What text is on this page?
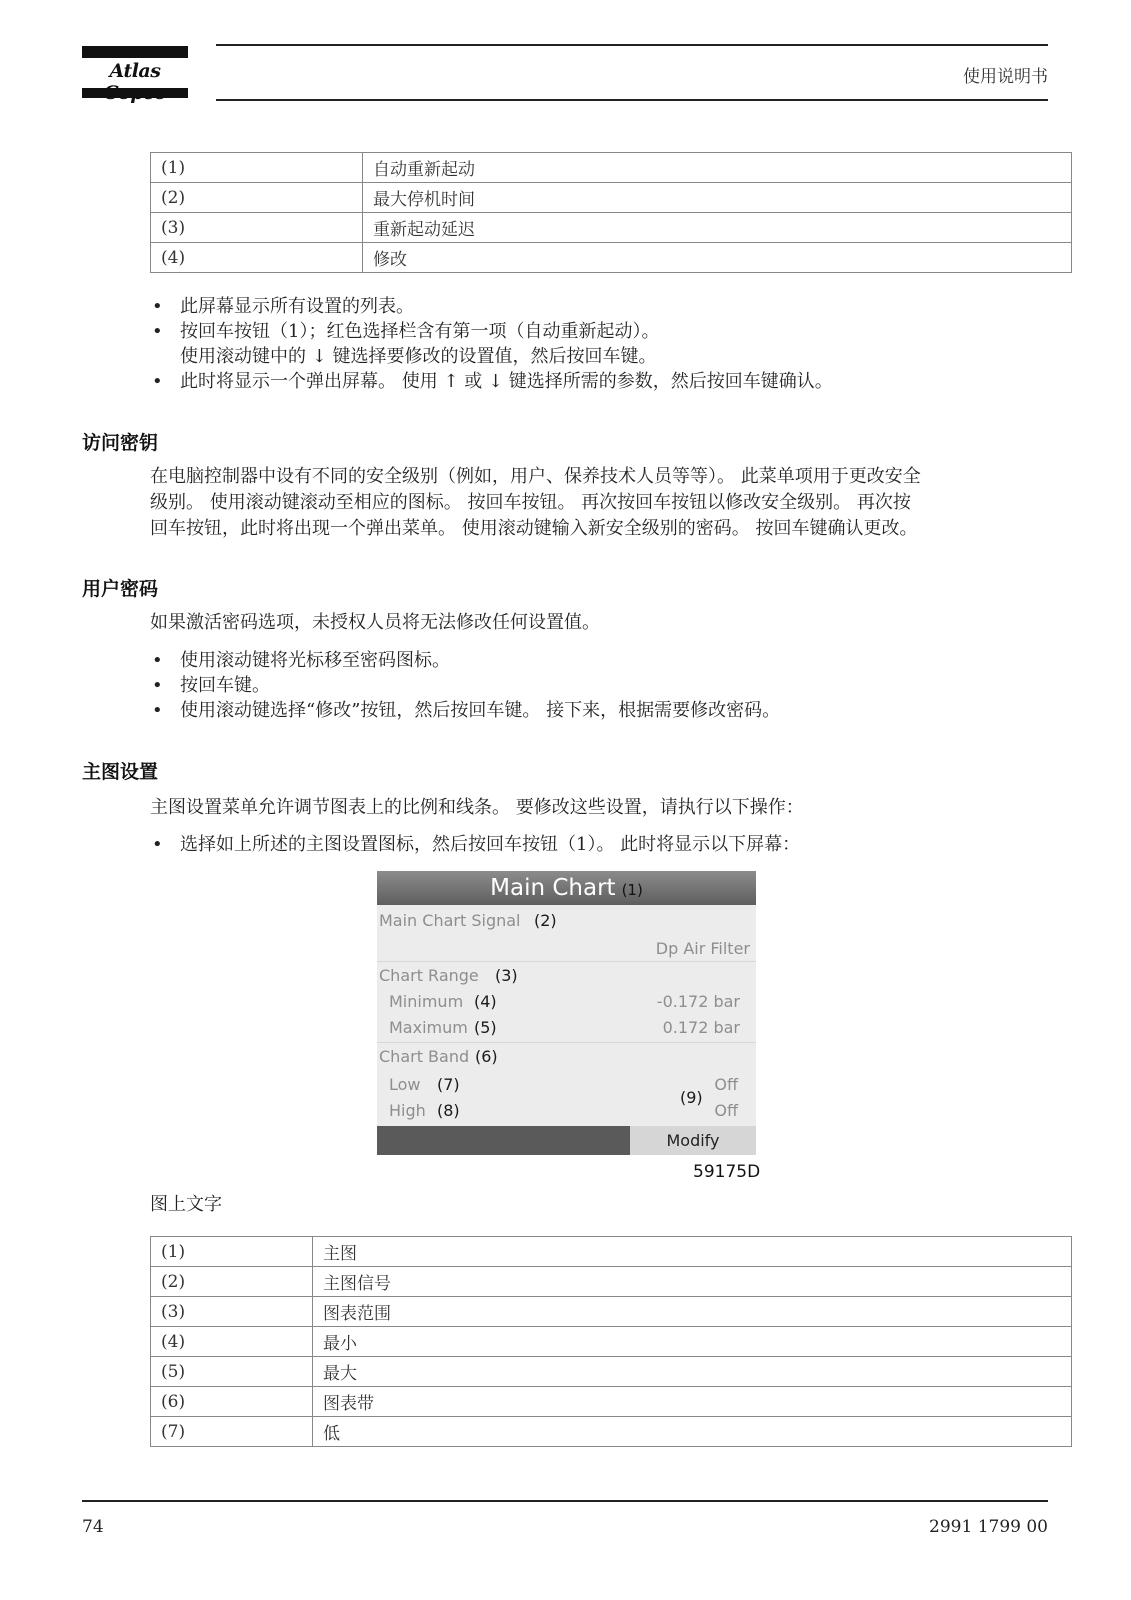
Atlas	使用说明书
(1)	自动重新起动
(2)	最大停机时间
(3)	重新起动延迟
(4)	修改
• 此屏幕显示所有设置的列表。
• 按回车按钮（1）；红色选择栏含有第一项（自动重新起动）。
使用滚动键中的 ↓ 键选择要修改的设置值，然后按回车键。
• 此时将显示一个弹出屏幕。 使用 ↑ 或 ↓ 键选择所需的参数，然后按回车键确认。
访问密钥
在电脑控制器中设有不同的安全级别（例如，用户、保养技术人员等等）。 此菜单项用于更改安全
级别。 使用滚动键滚动至相应的图标。 按回车按钮。 再次按回车按钮以修改安全级别。 再次按
回车按钮，此时将出现一个弹出菜单。 使用滚动键输入新安全级别的密码。 按回车键确认更改。
用户密码
如果激活密码选项，未授权人员将无法修改任何设置值。
• 使用滚动键将光标移至密码图标。
• 按回车键。
• 使用滚动键选择“修改”按钮，然后按回车键。 接下来，根据需要修改密码。
主图设置
主图设置菜单允许调节图表上的比例和线条。 要修改这些设置，请执行以下操作：
• 选择如上所述的主图设置图标，然后按回车按钮（1）。 此时将显示以下屏幕：
Main Chart (1)
Main Chart Signal (2)
Dp Air Filter
Chart Range (3)
Minimum (4)	-0.172 bar
Maximum (5)	0.172 bar
Chart Band (6)
Low (7)
High (8)
(9)
Off
Off
Modify
59175D
图上文字
(1)	主图
(2)	主图信号
(3)	图表范围
(4)	最小
(5)	最大
(6)	图表带
(7)	低
74	2991 1799 00
